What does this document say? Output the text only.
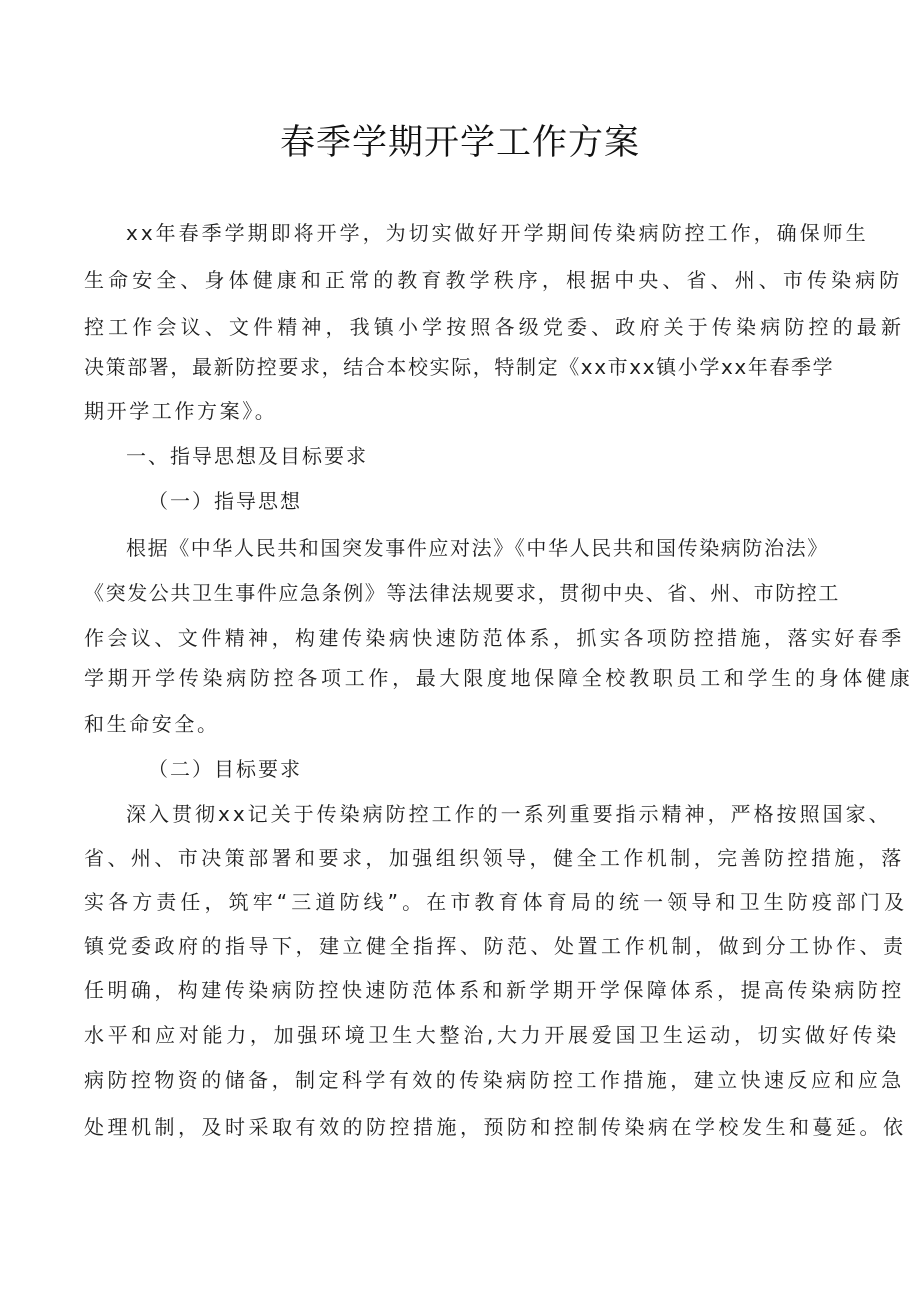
春季学期开学工作方案

xx年春季学期即将开学，为切实做好开学期间传染病防控工作，确保师生

生命安全、身体健康和正常的教育教学秩序，根据中央、省、州、市传染病防

控工作会议、文件精神，我镇小学按照各级党委、政府关于传染病防控的最新

决策部署，最新防控要求，结合本校实际，特制定《xx市xx镇小学xx年春季学

期开学工作方案》。

一、指导思想及目标要求

（一）指导思想

根据《中华人民共和国突发事件应对法》《中华人民共和国传染病防治法》

《突发公共卫生事件应急条例》等法律法规要求，贯彻中央、省、州、市防控工

作会议、文件精神，构建传染病快速防范体系，抓实各项防控措施，落实好春季

学期开学传染病防控各项工作，最大限度地保障全校教职员工和学生的身体健康

和生命安全。

（二）目标要求

深入贯彻xx记关于传染病防控工作的一系列重要指示精神，严格按照国家、

省、州、市决策部署和要求，加强组织领导，健全工作机制，完善防控措施，落

实各方责任，筑牢“三道防线”。在市教育体育局的统一领导和卫生防疫部门及

镇党委政府的指导下，建立健全指挥、防范、处置工作机制，做到分工协作、责

任明确，构建传染病防控快速防范体系和新学期开学保障体系，提高传染病防控

水平和应对能力，加强环境卫生大整治,大力开展爱国卫生运动，切实做好传染

病防控物资的储备，制定科学有效的传染病防控工作措施，建立快速反应和应急

处理机制，及时采取有效的防控措施，预防和控制传染病在学校发生和蔓延。依
